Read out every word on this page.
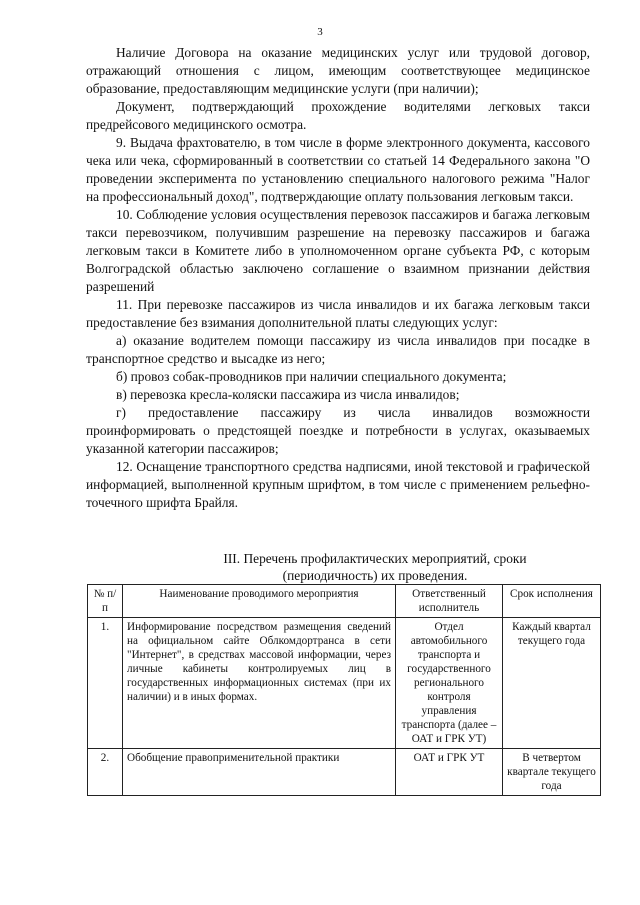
3

Наличие Договора на оказание медицинских услуг или трудовой договор, отражающий отношения с лицом, имеющим соответствующее медицинское образование, предоставляющим медицинские услуги (при наличии);

Документ, подтверждающий прохождение водителями легковых такси предрейсового медицинского осмотра.

9. Выдача фрахтователю, в том числе в форме электронного документа, кассового чека или чека, сформированный в соответствии со статьей 14 Федерального закона "О проведении эксперимента по установлению специального налогового режима "Налог на профессиональный доход", подтверждающие оплату пользования легковым такси.

10. Соблюдение условия осуществления перевозок пассажиров и багажа легковым такси перевозчиком, получившим разрешение на перевозку пассажиров и багажа легковым такси в Комитете либо в уполномоченном органе субъекта РФ, с которым Волгоградской областью заключено соглашение о взаимном признании действия разрешений

11. При перевозке пассажиров из числа инвалидов и их багажа легковым такси предоставление без взимания дополнительной платы следующих услуг:

а) оказание водителем помощи пассажиру из числа инвалидов при посадке в транспортное средство и высадке из него;

б) провоз собак-проводников при наличии специального документа;

в) перевозка кресла-коляски пассажира из числа инвалидов;

г) предоставление пассажиру из числа инвалидов возможности проинформировать о предстоящей поездке и потребности в услугах, оказываемых указанной категории пассажиров;

12. Оснащение транспортного средства надписями, иной текстовой и графической информацией, выполненной крупным шрифтом, в том числе с применением рельефно-точечного шрифта Брайля.

III. Перечень профилактических мероприятий, сроки
(периодичность) их проведения.
№ п/п	Наименование проводимого мероприятия	Ответственный исполнитель	Срок исполнения
1.	Информирование посредством размещения сведений на официальном сайте Облкомдортранса в сети "Интернет", в средствах массовой информации, через личные кабинеты контролируемых лиц в государственных информационных системах (при их наличии) и в иных формах.	Отдел автомобильного транспорта и государственного регионального контроля управления транспорта (далее – ОАТ и ГРК УТ)	Каждый квартал текущего года
2.	Обобщение правоприменительной практики	ОАТ и ГРК УТ	В четвертом квартале текущего года
